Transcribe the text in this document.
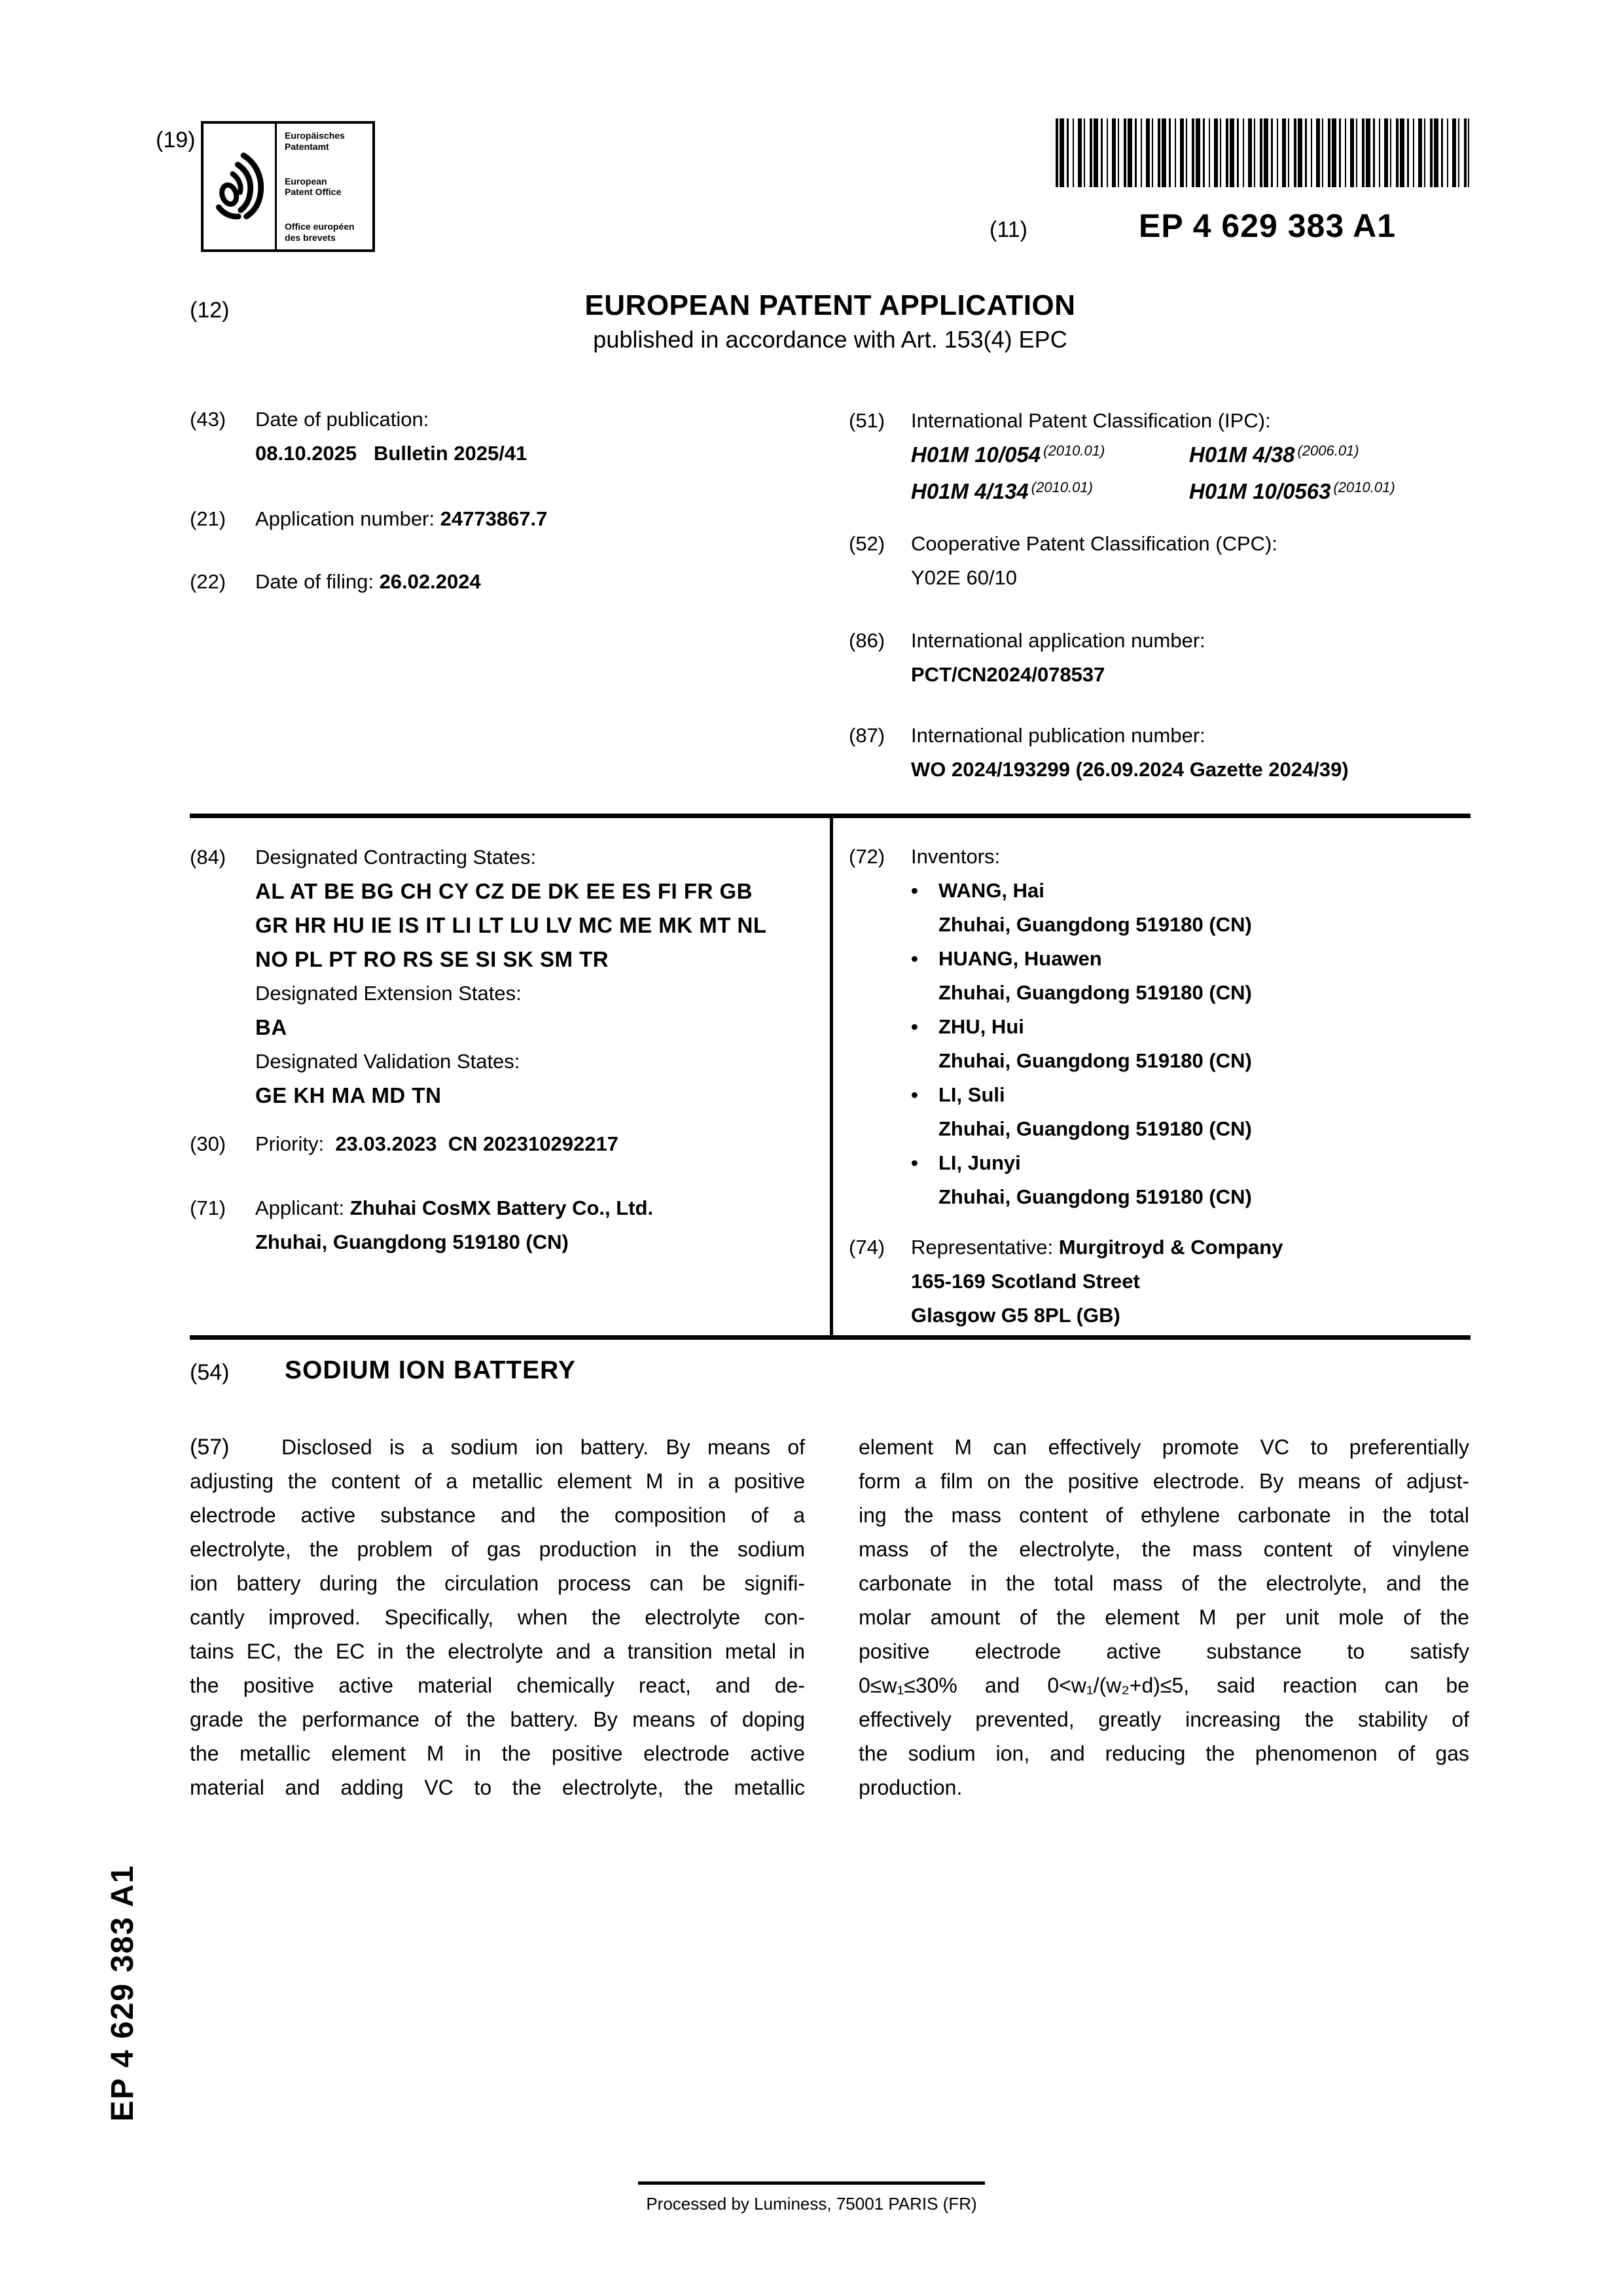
(19)	Europäisches
Patentamt
European
Patent Office
Office européen
des brevets	(11)	EP 4 629 383 A1
(12)	EUROPEAN PATENT APPLICATION
published in accordance with Art. 153(4) EPC
(43)	Date of publication:
08.10.2025   Bulletin 2025/41
(21)	Application number: 24773867.7
(22)	Date of filing: 26.02.2024
(51)	International Patent Classification (IPC):
H01M 10/054 $^{(2010.01)}$	H01M 4/38 $^{(2006.01)}$
H01M 4/134 $^{(2010.01)}$	H01M 10/0563 $^{(2010.01)}$
(52)	Cooperative Patent Classification (CPC):
Y02E 60/10
(86)	International application number:
PCT/CN2024/078537
(87)	International publication number:
WO 2024/193299 (26.09.2024 Gazette 2024/39)
(84)	Designated Contracting States:
AL AT BE BG CH CY CZ DE DK EE ES FI FR GB
GR HR HU IE IS IT LI LT LU LV MC ME MK MT NL
NO PL PT RO RS SE SI SK SM TR
Designated Extension States:
BA
Designated Validation States:
GE KH MA MD TN
(30)	Priority: 23.03.2023  CN 202310292217
(71)	Applicant: Zhuhai CosMX Battery Co., Ltd.
Zhuhai, Guangdong 519180 (CN)
(72)	Inventors:
•	WANG, Hai
Zhuhai, Guangdong 519180 (CN)
•	HUANG, Huawen
Zhuhai, Guangdong 519180 (CN)
•	ZHU, Hui
Zhuhai, Guangdong 519180 (CN)
•	LI, Suli
Zhuhai, Guangdong 519180 (CN)
•	LI, Junyi
Zhuhai, Guangdong 519180 (CN)
(74)	Representative: Murgitroyd & Company
165-169 Scotland Street
Glasgow G5 8PL (GB)
(54) SODIUM ION BATTERY
(57) Disclosed is a sodium ion battery. By means of
adjusting the content of a metallic element M in a positive
electrode active substance and the composition of a
electrolyte, the problem of gas production in the sodium
ion battery during the circulation process can be signifi-
cantly improved. Specifically, when the electrolyte con-
tains EC, the EC in the electrolyte and a transition metal in
the positive active material chemically react, and de-
grade the performance of the battery. By means of doping
the metallic element M in the positive electrode active
material and adding VC to the electrolyte, the metallic
element M can effectively promote VC to preferentially
form a film on the positive electrode. By means of adjust-
ing the mass content of ethylene carbonate in the total
mass of the electrolyte, the mass content of vinylene
carbonate in the total mass of the electrolyte, and the
molar amount of the element M per unit mole of the
positive electrode active substance to satisfy
0≤w₁≤30% and 0<w₁/(w₂+d)≤5, said reaction can be
effectively prevented, greatly increasing the stability of
the sodium ion, and reducing the phenomenon of gas
production.
EP 4 629 383 A1
Processed by Luminess, 75001 PARIS (FR)
